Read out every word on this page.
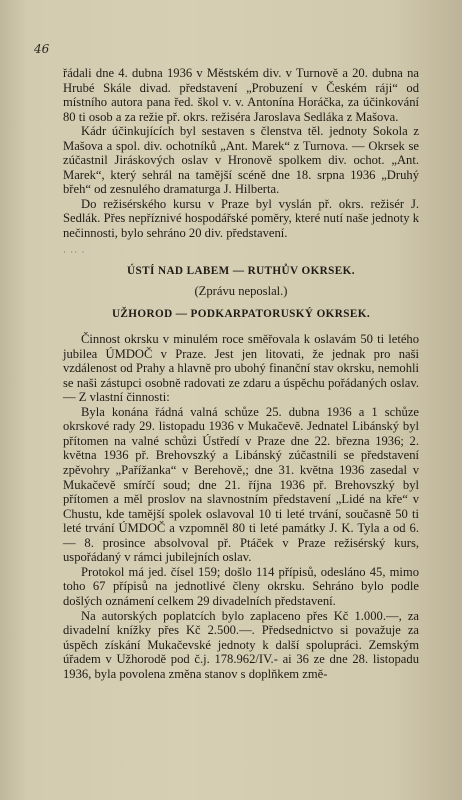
46

řádali dne 4. dubna 1936 v Městském div. v Turnově a 20. dubna na Hrubé Skále divad. představení „Probuzení v Českém ráji“ od místního autora pana řed. škol v. v. Antonína Horáčka, za účinkování 80 ti osob a za režie př. okrs. režiséra Jaroslava Sedláka z Mašova.

Kádr účinkujících byl sestaven s členstva těl. jednoty Sokola z Mašova a spol. div. ochotníků „Ant. Marek“ z Turnova. — Okrsek se zúčastnil Jiráskových oslav v Hronově spolkem div. ochot. „Ant. Marek“, který sehrál na tamější scéně dne 18. srpna 1936 „Druhý břeh“ od zesnulého dramaturga J. Hilberta.

Do režisérského kursu v Praze byl vyslán př. okrs. režisér J. Sedlák. Přes nepříznivé hospodářské poměry, které nutí naše jednoty k nečinnosti, bylo sehráno 20 div. představení.

· ·· ·
ÚSTÍ NAD LABEM — RUTHŮV OKRSEK.
(Zprávu neposlal.)
UŽHOROD — PODKARPATORUSKÝ OKRSEK.

Činnost okrsku v minulém roce směřovala k oslavám 50 ti letého jubilea ÚMDOČ v Praze. Jest jen litovati, že jednak pro naši vzdálenost od Prahy a hlavně pro ubohý finanční stav okrsku, nemohli se naši zástupci osobně radovati ze zdaru a úspěchu pořádaných oslav. — Z vlastní činnosti:

Byla konána řádná valná schůze 25. dubna 1936 a 1 schůze okrskové rady 29. listopadu 1936 v Mukačevě. Jednatel Libánský byl přítomen na valné schůzi Ústředí v Praze dne 22. března 1936; 2. května 1936 př. Brehovszký a Libánský zúčastnili se představení zpěvohry „Pařížanka“ v Berehově,; dne 31. května 1936 zasedal v Mukačevě smírčí soud; dne 21. října 1936 př. Brehovszký byl přítomen a měl proslov na slavnostním představení „Lidé na kře“ v Chustu, kde tamější spolek oslavoval 10 ti leté trvání, současně 50 ti leté trvání ÚMDOČ a vzpomněl 80 ti leté památky J. K. Tyla a od 6. — 8. prosince absolvoval př. Ptáček v Praze režisérský kurs, uspořádaný v rámci jubilejních oslav.

Protokol má jed. čísel 159; došlo 114 přípisů, odesláno 45, mimo toho 67 přípisů na jednotlivé členy okrsku. Sehráno bylo podle došlých oznámení celkem 29 divadelních představení.

Na autorských poplatcích bylo zaplaceno přes Kč 1.000.—, za divadelní knížky přes Kč 2.500.—. Předsednictvo si považuje za úspěch získání Mukačevské jednoty k další spolupráci. Zemským úřadem v Užhorodě pod č.j. 178.962/IV.- ai 36 ze dne 28. listopadu 1936, byla povolena změna stanov s doplňkem změ-
